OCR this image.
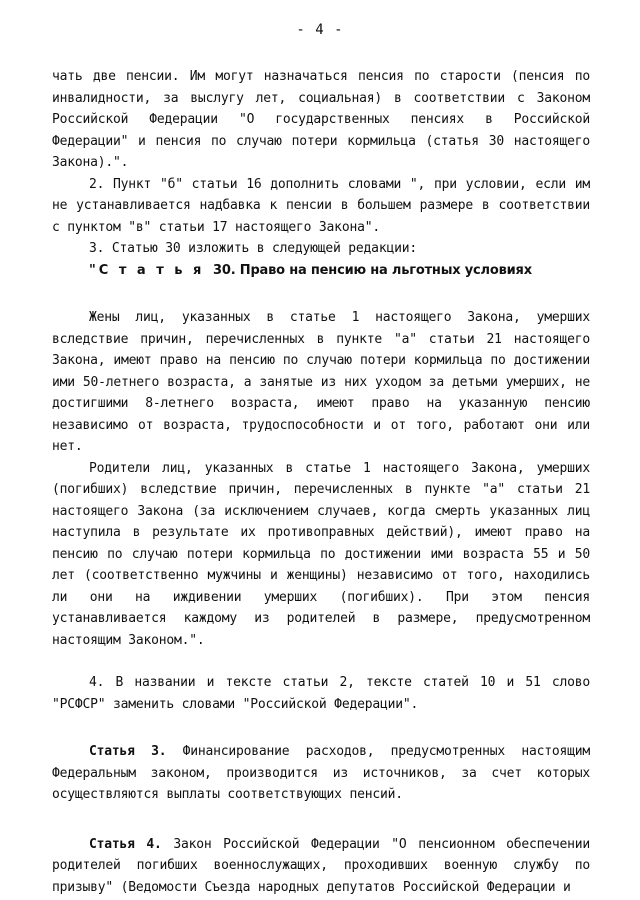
- 4 -

чать две пенсии. Им могут назначаться пенсия по старости (пенсия по инвалидности, за выслугу лет, социальная) в соответствии с Законом Российской Федерации "О государственных пенсиях в Российской Федерации" и пенсия по случаю потери кормильца (статья 30 настоящего Закона).".

2. Пункт "б" статьи 16 дополнить словами ", при условии, если им не устанавливается надбавка к пенсии в большем размере в соответствии с пунктом "в" статьи 17 настоящего Закона".

3. Статью 30 изложить в следующей редакции:

"С т а т ь я 30. Право на пенсию на льготных условиях

Жены лиц, указанных в статье 1 настоящего Закона, умерших вследствие причин, перечисленных в пункте "а" статьи 21 настоящего Закона, имеют право на пенсию по случаю потери кормильца по достижении ими 50-летнего возраста, а занятые из них уходом за детьми умерших, не достигшими 8-летнего возраста, имеют право на указанную пенсию независимо от возраста, трудоспособности и от того, работают они или нет.

Родители лиц, указанных в статье 1 настоящего Закона, умерших (погибших) вследствие причин, перечисленных в пункте "а" статьи 21 настоящего Закона (за исключением случаев, когда смерть указанных лиц наступила в результате их противоправных действий), имеют право на пенсию по случаю потери кормильца по достижении ими возраста 55 и 50 лет (соответственно мужчины и женщины) независимо от того, находились ли они на иждивении умерших (погибших). При этом пенсия устанавливается каждому из родителей в размере, предусмотренном настоящим Законом.".

4. В названии и тексте статьи 2, тексте статей 10 и 51 слово "РСФСР" заменить словами "Российской Федерации".

Статья 3. Финансирование расходов, предусмотренных настоящим Федеральным законом, производится из источников, за счет которых осуществляются выплаты соответствующих пенсий.

Статья 4. Закон Российской Федерации "О пенсионном обеспечении родителей погибших военнослужащих, проходивших военную службу по призыву" (Ведомости Съезда народных депутатов Российской Федерации и
